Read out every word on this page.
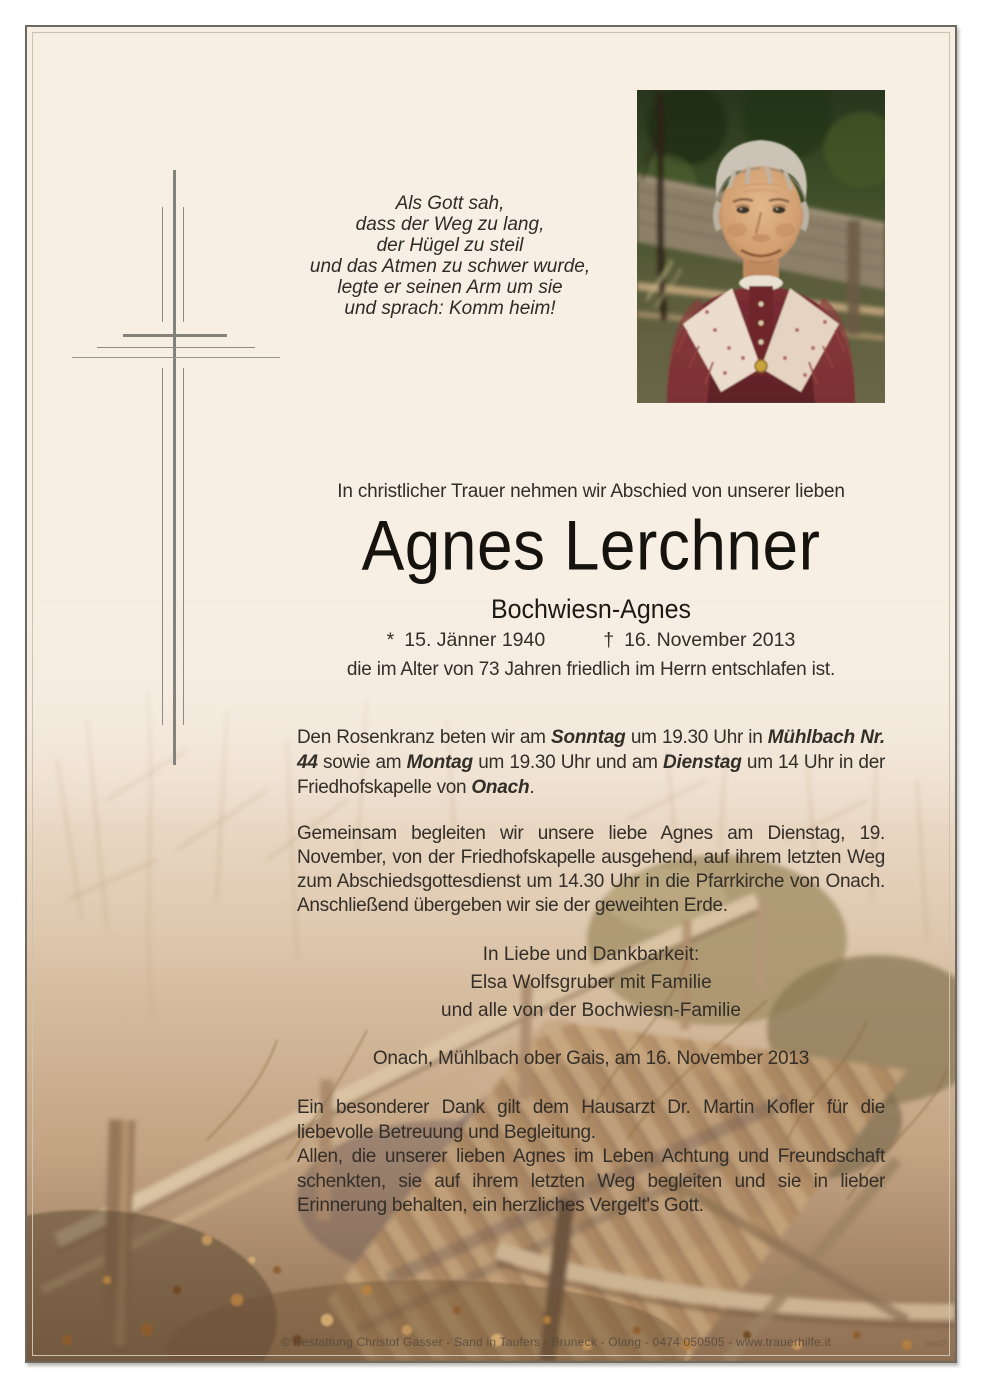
Als Gott sah,
dass der Weg zu lang,
der Hügel zu steil
und das Atmen zu schwer wurde,
legte er seinen Arm um sie
und sprach: Komm heim!
In christlicher Trauer nehmen wir Abschied von unserer lieben
Agnes Lerchner
Bochwiesn-Agnes
* 15. Jänner 1940	† 16. November 2013
die im Alter von 73 Jahren friedlich im Herrn entschlafen ist.

Den Rosenkranz beten wir am Sonntag um 19.30 Uhr in Mühlbach Nr. 44 sowie am Montag um 19.30 Uhr und am Dienstag um 14 Uhr in der Friedhofskapelle von Onach.

Gemeinsam begleiten wir unsere liebe Agnes am Dienstag, 19. November, von der Friedhofskapelle ausgehend, auf ihrem letzten Weg zum Abschiedsgottesdienst um 14.30 Uhr in die Pfarrkirche von Onach. Anschließend übergeben wir sie der geweihten Erde.

In Liebe und Dankbarkeit:
Elsa Wolfsgruber mit Familie
und alle von der Bochwiesn-Familie
Onach, Mühlbach ober Gais, am 16. November 2013

Ein besonderer Dank gilt dem Hausarzt Dr. Martin Kofler für die liebevolle Betreuung und Begleitung.

Allen, die unserer lieben Agnes im Leben Achtung und Freundschaft schenkten, sie auf ihrem letzten Weg begleiten und sie in lieber Erinnerung behalten, ein herzliches Vergelt's Gott.

© Bestattung Christof Gasser - Sand in Taufers - Bruneck - Olang - 0474 050505 - www.trauerhilfe.it	obg02
